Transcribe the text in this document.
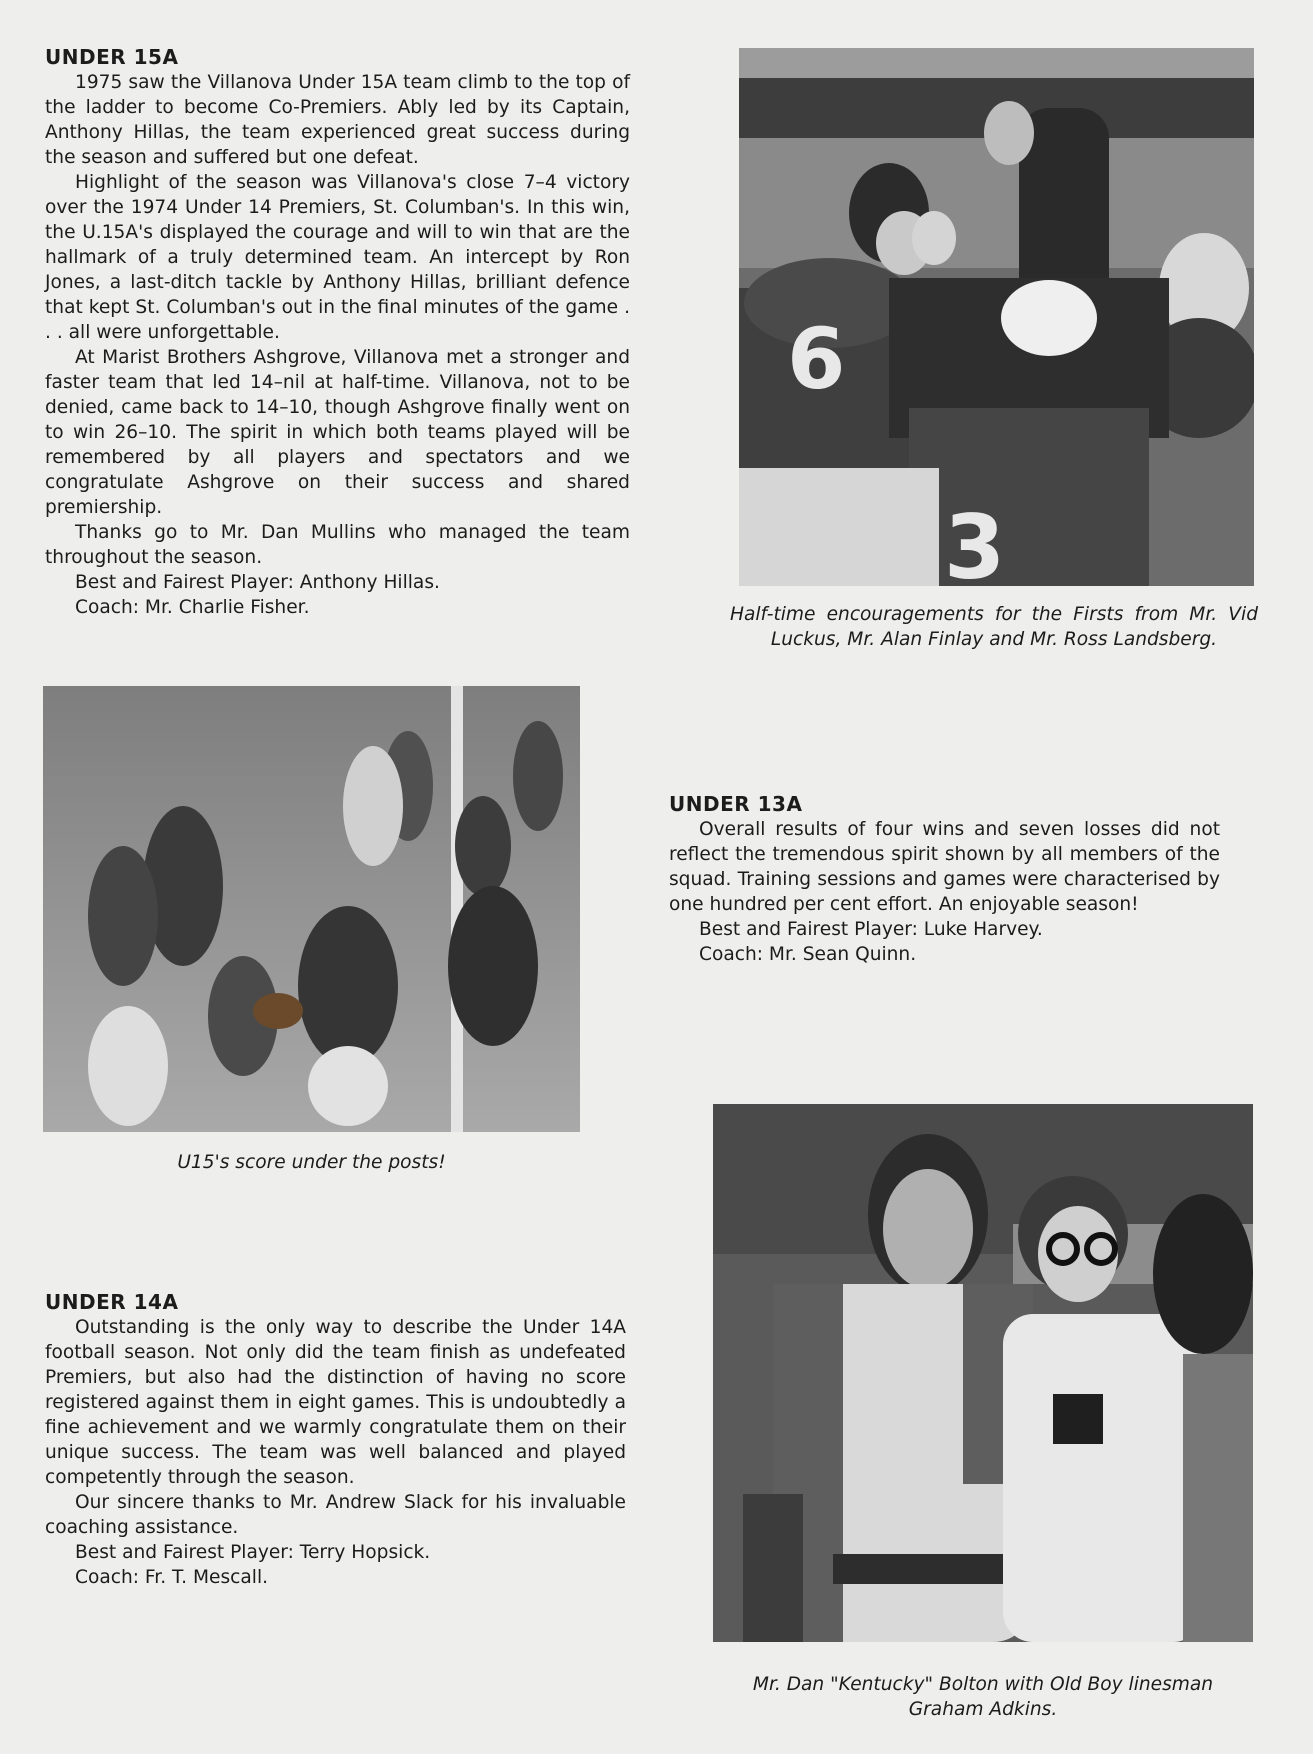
UNDER 15A

1975 saw the Villanova Under 15A team climb to the top of the ladder to become Co-Premiers. Ably led by its Captain, Anthony Hillas, the team experienced great success during the season and suffered but one defeat.

Highlight of the season was Villanova's close 7–4 victory over the 1974 Under 14 Premiers, St. Columban's. In this win, the U.15A's displayed the courage and will to win that are the hallmark of a truly determined team. An intercept by Ron Jones, a last-ditch tackle by Anthony Hillas, brilliant defence that kept St. Columban's out in the final minutes of the game . . . all were unforgettable.

At Marist Brothers Ashgrove, Villanova met a stronger and faster team that led 14–nil at half-time. Villanova, not to be denied, came back to 14–10, though Ashgrove finally went on to win 26–10. The spirit in which both teams played will be remembered by all players and spectators and we congratulate Ashgrove on their success and shared premiership.

Thanks go to Mr. Dan Mullins who managed the team throughout the season.

Best and Fairest Player: Anthony Hillas.

Coach: Mr. Charlie Fisher.

6
3
Half-time encouragements for the Firsts from Mr. Vid Luckus, Mr. Alan Finlay and Mr. Ross Landsberg.
U15's score under the posts!
UNDER 13A

Overall results of four wins and seven losses did not reflect the tremendous spirit shown by all members of the squad. Training sessions and games were characterised by one hundred per cent effort. An enjoyable season!

Best and Fairest Player: Luke Harvey.

Coach: Mr. Sean Quinn.

UNDER 14A

Outstanding is the only way to describe the Under 14A football season. Not only did the team finish as undefeated Premiers, but also had the distinction of having no score registered against them in eight games. This is undoubtedly a fine achievement and we warmly congratulate them on their unique success. The team was well balanced and played competently through the season.

Our sincere thanks to Mr. Andrew Slack for his invaluable coaching assistance.

Best and Fairest Player: Terry Hopsick.

Coach: Fr. T. Mescall.

Mr. Dan "Kentucky" Bolton with Old Boy linesman Graham Adkins.
